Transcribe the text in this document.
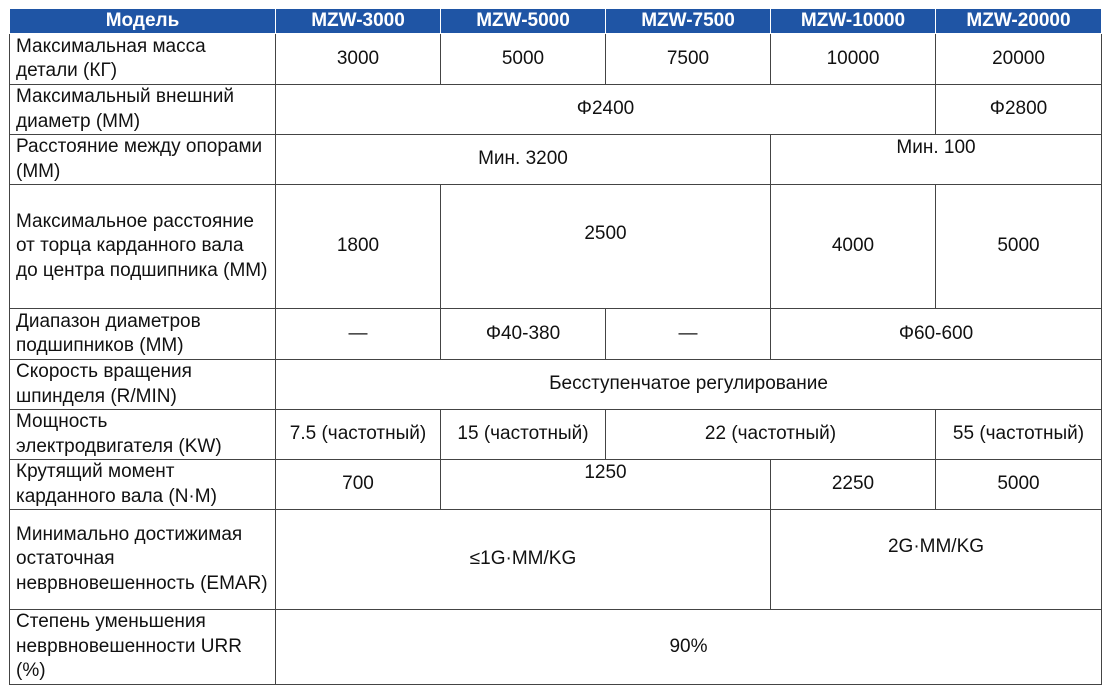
Модель	MZW-3000	MZW-5000	MZW-7500	MZW-10000	MZW-20000
Максимальная масса детали (КГ)	3000	5000	7500	10000	20000
Максимальный внешний диаметр (ММ)	Φ2400				Φ2800
Расстояние между опорами (ММ)	Мин. 3200			Мин. 100	
Максимальное расстояние от торца карданного вала до центра подшипника (ММ)	1800	2500		4000	5000
Диапазон диаметров подшипников (ММ)	—	Φ40-380	—	Φ60-600	
Скорость вращения шпинделя (R/MIN)	Бесступенчатое регулирование				
Мощность электродвигателя (KW)	7.5 (частотный)	15 (частотный)	22 (частотный)		55 (частотный)
Крутящий момент карданного вала (N·M)	700	1250		2250	5000
Минимально достижимая остаточная неврвновешенность (EMAR)	≤1G·MM/KG			2G·MM/KG	
Степень уменьшения неврвновешенности URR (%)	90%				
